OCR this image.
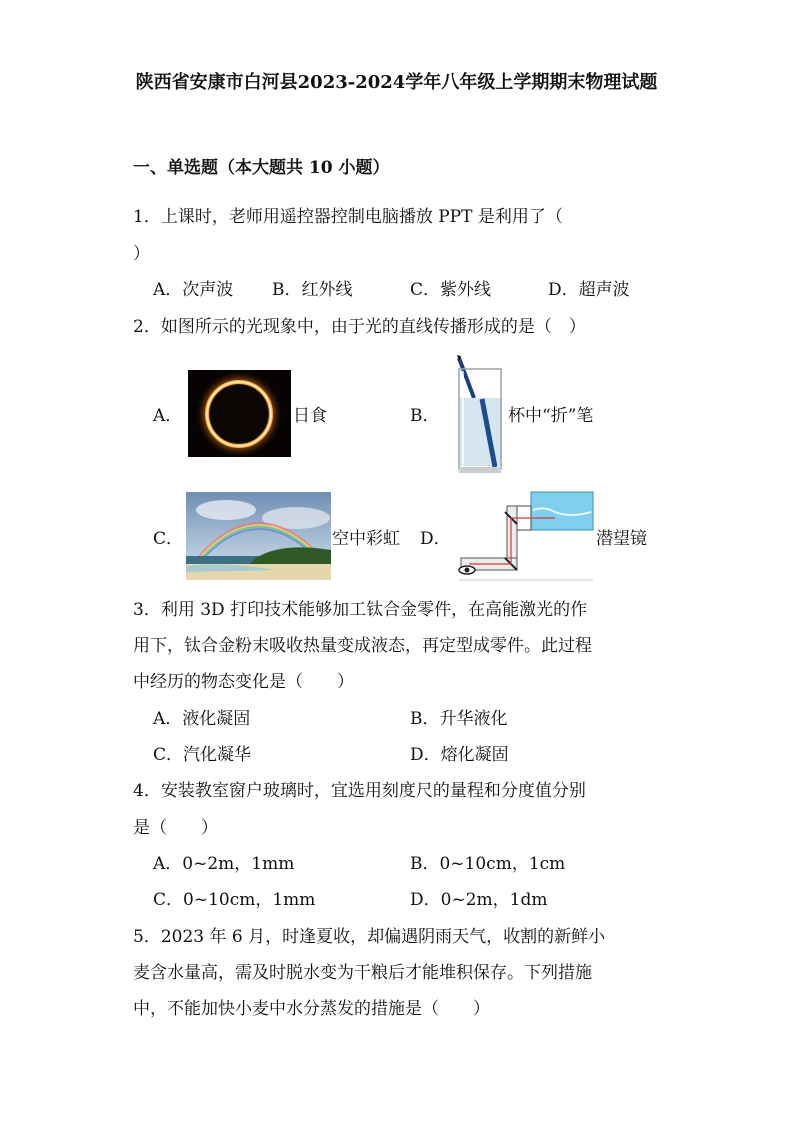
陕西省安康市白河县2023-2024学年八年级上学期期末物理试题
一、单选题（本大题共 10 小题）
1．上课时，老师用遥控器控制电脑播放 PPT 是利用了（
）
A．次声波 B．红外线	C．紫外线	D．超声波
2．如图所示的光现象中，由于光的直线传播形成的是（　）
A．	日食	B．	杯中“折”笔
C．	空中彩虹 D．	潜望镜
3．利用 3D 打印技术能够加工钛合金零件，在高能激光的作
用下，钛合金粉末吸收热量变成液态，再定型成零件。此过程
中经历的物态变化是（　　）
A．液化凝固	B．升华液化
C．汽化凝华	D．熔化凝固
4．安装教室窗户玻璃时，宜选用刻度尺的量程和分度值分别
是（　　）
A．0~2m，1mm	B．0~10cm，1cm
C．0~10cm，1mm	D．0~2m，1dm
5．2023 年 6 月，时逢夏收，却偏遇阴雨天气，收割的新鲜小
麦含水量高，需及时脱水变为干粮后才能堆积保存。下列措施
中，不能加快小麦中水分蒸发的措施是（　　）
